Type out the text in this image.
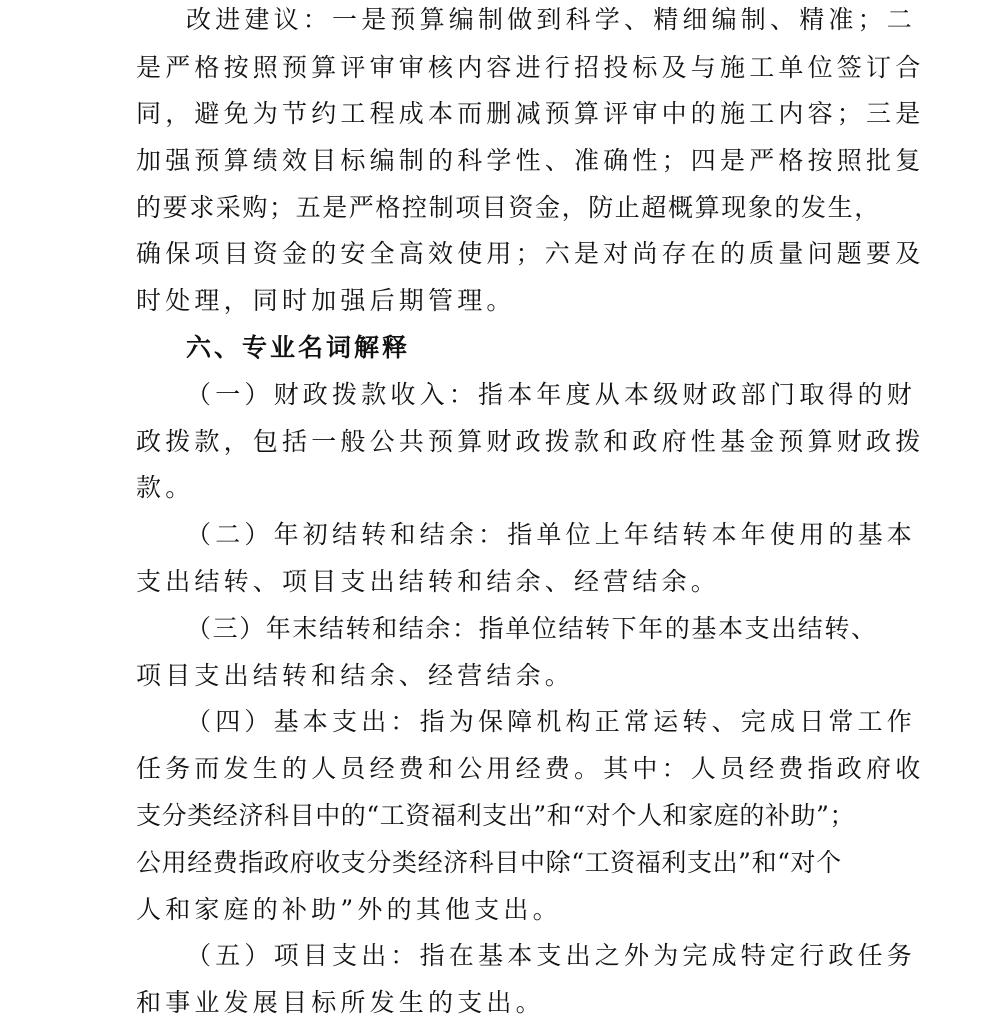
改进建议：一是预算编制做到科学、精细编制、精准；二
是严格按照预算评审审核内容进行招投标及与施工单位签订合
同，避免为节约工程成本而删减预算评审中的施工内容；三是
加强预算绩效目标编制的科学性、准确性；四是严格按照批复
的要求采购；五是严格控制项目资金，防止超概算现象的发生，
确保项目资金的安全高效使用；六是对尚存在的质量问题要及
时处理，同时加强后期管理。
六、专业名词解释
（一）财政拨款收入：指本年度从本级财政部门取得的财
政拨款，包括一般公共预算财政拨款和政府性基金预算财政拨
款。
（二）年初结转和结余：指单位上年结转本年使用的基本
支出结转、项目支出结转和结余、经营结余。
（三）年末结转和结余：指单位结转下年的基本支出结转、
项目支出结转和结余、经营结余。
（四）基本支出：指为保障机构正常运转、完成日常工作
任务而发生的人员经费和公用经费。其中：人员经费指政府收
支分类经济科目中的“工资福利支出”和“对个人和家庭的补助”；
公用经费指政府收支分类经济科目中除“工资福利支出”和“对个
人和家庭的补助”外的其他支出。
（五）项目支出：指在基本支出之外为完成特定行政任务
和事业发展目标所发生的支出。
